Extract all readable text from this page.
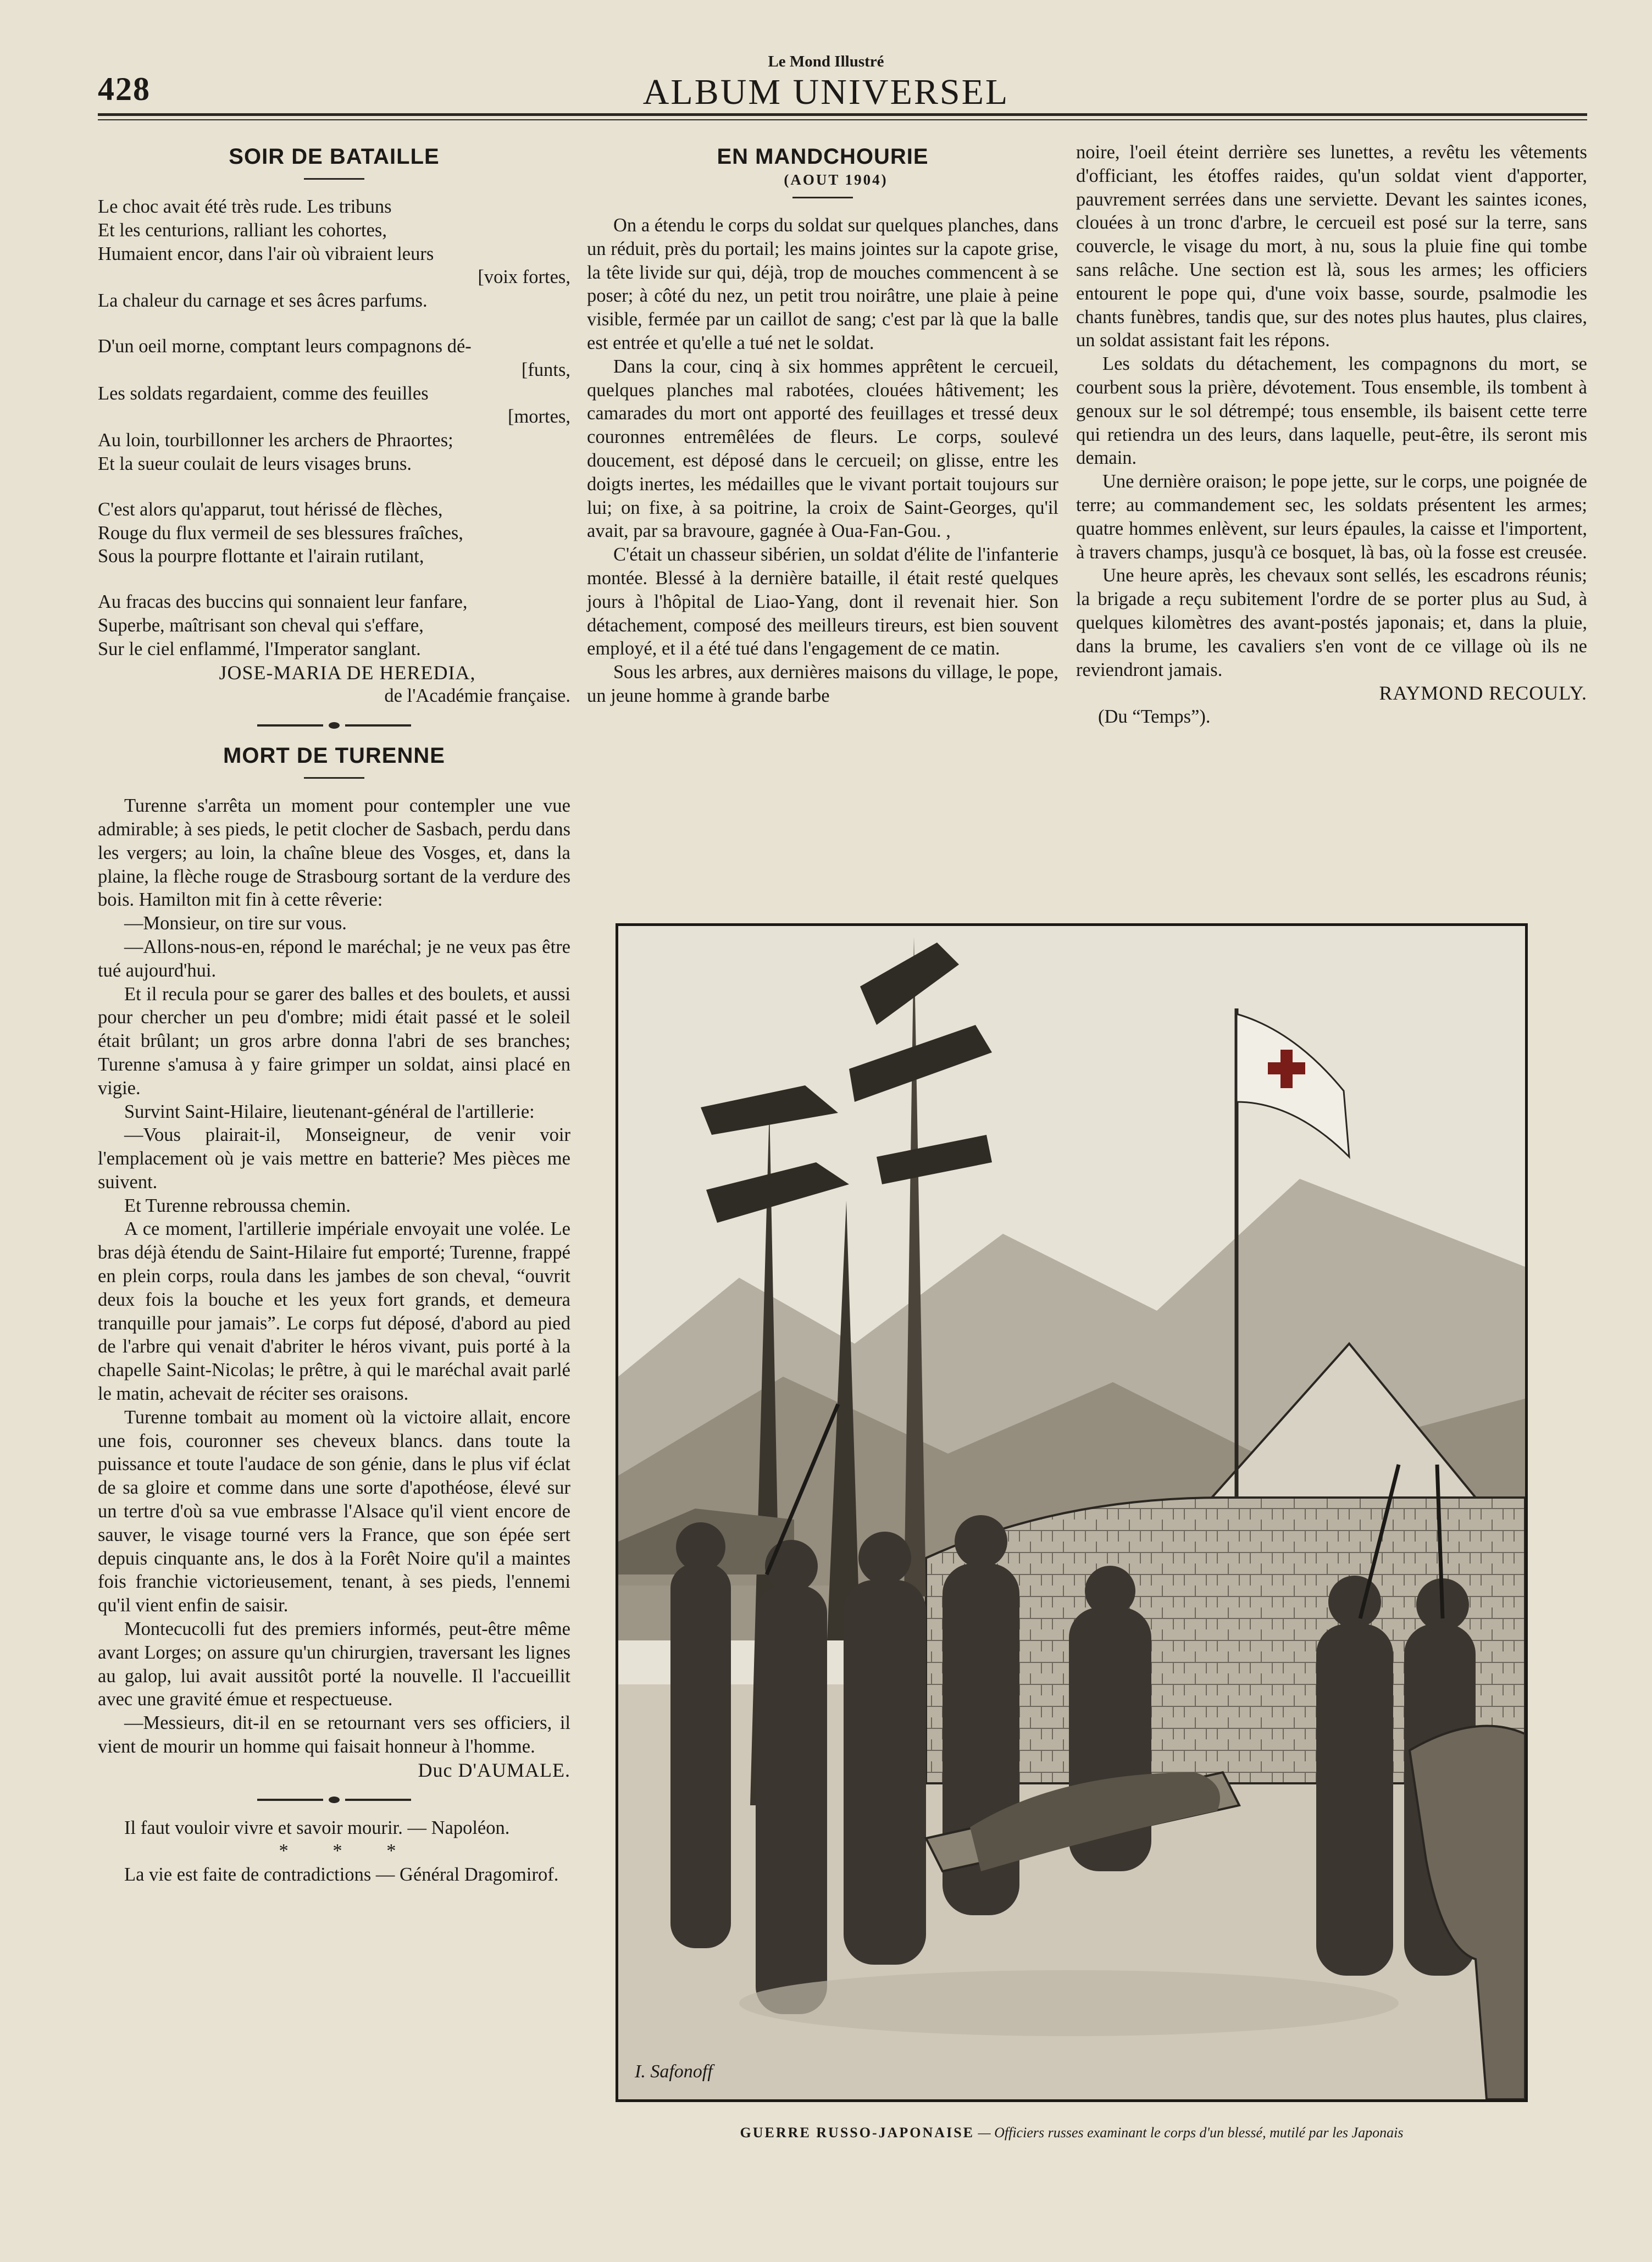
428
Le Mond Illustré
ALBUM UNIVERSEL
SOIR DE BATAILLE
Le choc avait été très rude. Les tribuns
Et les centurions, ralliant les cohortes,
Humaient encor, dans l'air où vibraient leurs
[voix fortes,
La chaleur du carnage et ses âcres parfums.
D'un oeil morne, comptant leurs compagnons dé-
[funts,
Les soldats regardaient, comme des feuilles
[mortes,
Au loin, tourbillonner les archers de Phraortes;
Et la sueur coulait de leurs visages bruns.
C'est alors qu'apparut, tout hérissé de flèches,
Rouge du flux vermeil de ses blessures fraîches,
Sous la pourpre flottante et l'airain rutilant,
Au fracas des buccins qui sonnaient leur fanfare,
Superbe, maîtrisant son cheval qui s'effare,
Sur le ciel enflammé, l'Imperator sanglant.

JOSE-MARIA DE HEREDIA,

de l'Académie française.

MORT DE TURENNE

Turenne s'arrêta un moment pour contempler une vue admirable; à ses pieds, le petit clocher de Sasbach, perdu dans les vergers; au loin, la chaîne bleue des Vosges, et, dans la plaine, la flèche rouge de Strasbourg sortant de la verdure des bois. Hamilton mit fin à cette rêverie:

—Monsieur, on tire sur vous.

—Allons-nous-en, répond le maréchal; je ne veux pas être tué aujourd'hui.

Et il recula pour se garer des balles et des boulets, et aussi pour chercher un peu d'ombre; midi était passé et le soleil était brûlant; un gros arbre donna l'abri de ses branches; Turenne s'amusa à y faire grimper un soldat, ainsi placé en vigie.

Survint Saint-Hilaire, lieutenant-général de l'artillerie:

—Vous plairait-il, Monseigneur, de venir voir l'emplacement où je vais mettre en batterie? Mes pièces me suivent.

Et Turenne rebroussa chemin.

A ce moment, l'artillerie impériale envoyait une volée. Le bras déjà étendu de Saint-Hilaire fut emporté; Turenne, frappé en plein corps, roula dans les jambes de son cheval, “ouvrit deux fois la bouche et les yeux fort grands, et demeura tranquille pour jamais”. Le corps fut déposé, d'abord au pied de l'arbre qui venait d'abriter le héros vivant, puis porté à la chapelle Saint-Nicolas; le prêtre, à qui le maréchal avait parlé le matin, achevait de réciter ses oraisons.

Turenne tombait au moment où la victoire allait, encore une fois, couronner ses cheveux blancs. dans toute la puissance et toute l'audace de son génie, dans le plus vif éclat de sa gloire et comme dans une sorte d'apothéose, élevé sur un tertre d'où sa vue embrasse l'Alsace qu'il vient encore de sauver, le visage tourné vers la France, que son épée sert depuis cinquante ans, le dos à la Forêt Noire qu'il a maintes fois franchie victorieusement, tenant, à ses pieds, l'ennemi qu'il vient enfin de saisir.

Montecucolli fut des premiers informés, peut-être même avant Lorges; on assure qu'un chirurgien, traversant les lignes au galop, lui avait aussitôt porté la nouvelle. Il l'accueillit avec une gravité émue et respectueuse.

—Messieurs, dit-il en se retournant vers ses officiers, il vient de mourir un homme qui faisait honneur à l'homme.

Duc D'AUMALE.

Il faut vouloir vivre et savoir mourir. — Napoléon.

* * *

La vie est faite de contradictions — Général Dragomirof.

EN MANDCHOURIE

(AOUT 1904)

On a étendu le corps du soldat sur quelques planches, dans un réduit, près du portail; les mains jointes sur la capote grise, la tête livide sur qui, déjà, trop de mouches commencent à se poser; à côté du nez, un petit trou noirâtre, une plaie à peine visible, fermée par un caillot de sang; c'est par là que la balle est entrée et qu'elle a tué net le soldat.

Dans la cour, cinq à six hommes apprêtent le cercueil, quelques planches mal rabotées, clouées hâtivement; les camarades du mort ont apporté des feuillages et tressé deux couronnes entremêlées de fleurs. Le corps, soulevé doucement, est déposé dans le cercueil; on glisse, entre les doigts inertes, les médailles que le vivant portait toujours sur lui; on fixe, à sa poitrine, la croix de Saint-Georges, qu'il avait, par sa bravoure, gagnée à Oua-Fan-Gou. ,

C'était un chasseur sibérien, un soldat d'élite de l'infanterie montée. Blessé à la dernière bataille, il était resté quelques jours à l'hôpital de Liao-Yang, dont il revenait hier. Son détachement, composé des meilleurs tireurs, est bien souvent employé, et il a été tué dans l'engagement de ce matin.

Sous les arbres, aux dernières maisons du village, le pope, un jeune homme à grande barbe

noire, l'oeil éteint derrière ses lunettes, a revêtu les vêtements d'officiant, les étoffes raides, qu'un soldat vient d'apporter, pauvrement serrées dans une serviette. Devant les saintes icones, clouées à un tronc d'arbre, le cercueil est posé sur la terre, sans couvercle, le visage du mort, à nu, sous la pluie fine qui tombe sans relâche. Une section est là, sous les armes; les officiers entourent le pope qui, d'une voix basse, sourde, psalmodie les chants funèbres, tandis que, sur des notes plus hautes, plus claires, un soldat assistant fait les répons.

Les soldats du détachement, les compagnons du mort, se courbent sous la prière, dévotement. Tous ensemble, ils tombent à genoux sur le sol détrempé; tous ensemble, ils baisent cette terre qui retiendra un des leurs, dans laquelle, peut-être, ils seront mis demain.

Une dernière oraison; le pope jette, sur le corps, une poignée de terre; au commandement sec, les soldats présentent les armes; quatre hommes enlèvent, sur leurs épaules, la caisse et l'importent, à travers champs, jusqu'à ce bosquet, là bas, où la fosse est creusée.

Une heure après, les chevaux sont sellés, les escadrons réunis; la brigade a reçu subitement l'ordre de se porter plus au Sud, à quelques kilomètres des avant-postés japonais; et, dans la pluie, dans la brume, les cavaliers s'en vont de ce village où ils ne reviendront jamais.

RAYMOND RECOULY.

(Du “Temps”).

I. Safonoff
GUERRE RUSSO-JAPONAISE — Officiers russes examinant le corps d'un blessé, mutilé par les Japonais
